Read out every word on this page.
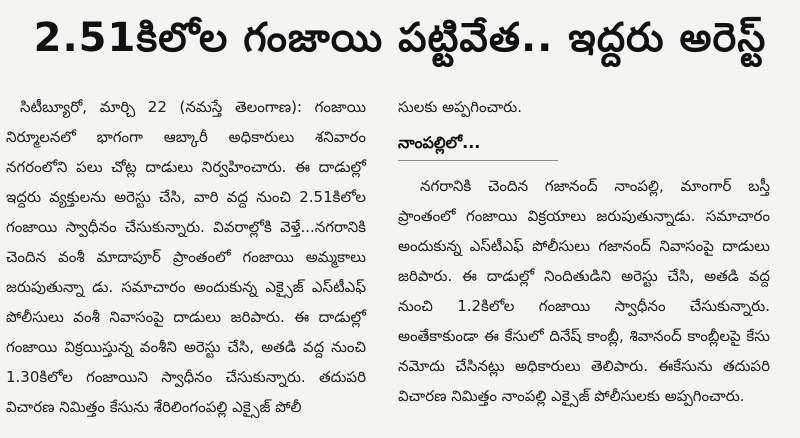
2.51కిలోల గంజాయి పట్టివేత.. ఇద్దరు అరెస్ట్

సిటీబ్యూరో, మార్చి 22 (నమస్తే తెలంగాణ): గంజాయి నిర్మూలనలో భాగంగా ఆబ్కారీ అధికారులు శనివారం నగరంలోని పలు చోట్ల దాడులు నిర్వహించారు. ఈ దాడుల్లో ఇద్దరు వ్యక్తులను అరెస్టు చేసి, వారి వద్ద నుంచి 2.51కిలోల గంజాయి స్వాధీనం చేసుకున్నారు. వివరాల్లోకి వెళ్తే...నగరానికి చెందిన వంశీ మాదాపూర్‌ ప్రాంతంలో గంజాయి అమ్మకాలు జరుపుతున్నా డు. సమాచారం అందుకున్న ఎక్సైజ్‌ ఎస్‌టీఎఫ్‌ పోలీసులు వంశీ నివాసంపై దాడులు జరిపారు. ఈ దాడుల్లో గంజాయి విక్రయిస్తున్న వంశీని అరెస్టు చేసి, అతడి వద్ద నుంచి 1.30కిలోల గంజాయిని స్వాధీనం చేసుకున్నారు. తదుపరి విచారణ నిమిత్తం కేసును శేరిలింగంపల్లి ఎక్సైజ్‌ పోలీ

సులకు అప్పగించారు.

నాంపల్లిలో...

నగరానికి చెందిన గజానంద్‌ నాంపల్లి, మాంగార్‌ బస్తీ ప్రాంతంలో గంజాయి విక్రయాలు జరుపుతున్నాడు. సమాచారం అందుకున్న ఎస్‌టీఎఫ్‌ పోలీసులు గజానంద్‌ నివాసంపై దాడులు జరిపారు. ఈ దాడుల్లో నిందితుడిని అరెస్టు చేసి, అతడి వద్ద నుంచి 1.2కిలోల గంజాయి స్వాధీనం చేసుకున్నారు. అంతేకాకుండా ఈ కేసులో దినేష్‌ కాంబ్లీ, శివానంద్‌ కాంబ్లీలపై కేసు నమోదు చేసినట్లు అధికారులు తెలిపారు. ఈకేసును తదుపరి విచారణ నిమిత్తం నాంపల్లి ఎక్సైజ్‌ పోలీసులకు అప్పగించారు.
